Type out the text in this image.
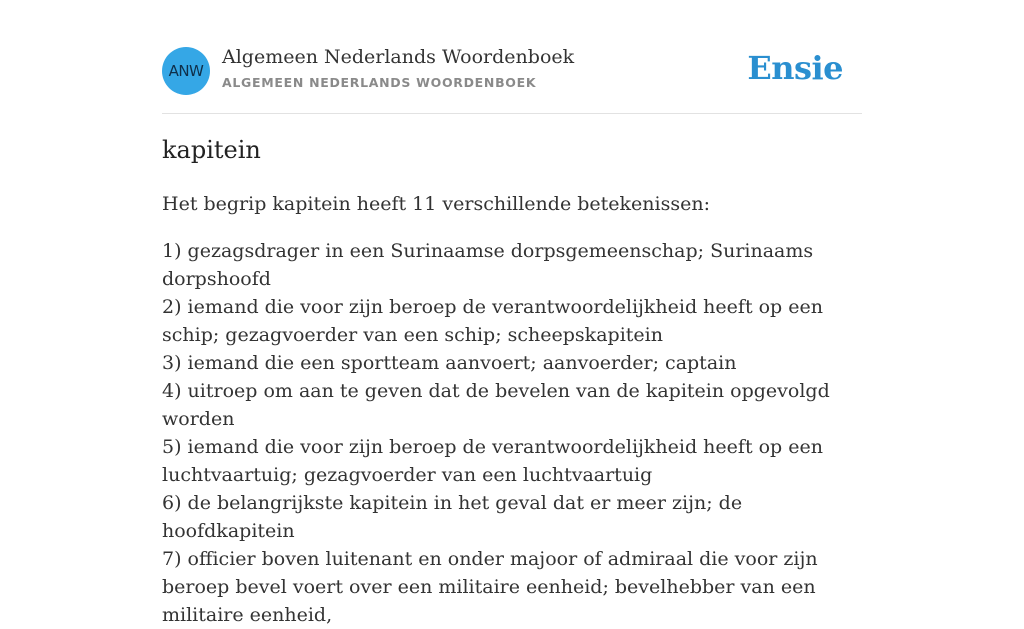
ANW
Algemeen Nederlands Woordenboek
ALGEMEEN NEDERLANDS WOORDENBOEK	Ensie
kapitein

Het begrip kapitein heeft 11 verschillende betekenissen:

1) gezagsdrager in een Surinaamse dorpsgemeenschap; Surinaams dorpshoofd
2) iemand die voor zijn beroep de verantwoordelijkheid heeft op een schip; gezagvoerder van een schip; scheepskapitein
3) iemand die een sportteam aanvoert; aanvoerder; captain
4) uitroep om aan te geven dat de bevelen van de kapitein opgevolgd worden
5) iemand die voor zijn beroep de verantwoordelijkheid heeft op een luchtvaartuig; gezagvoerder van een luchtvaartuig
6) de belangrijkste kapitein in het geval dat er meer zijn; de hoofdkapitein
7) officier boven luitenant en onder majoor of admiraal die voor zijn beroep bevel voert over een militaire eenheid; bevelhebber van een militaire eenheid,
